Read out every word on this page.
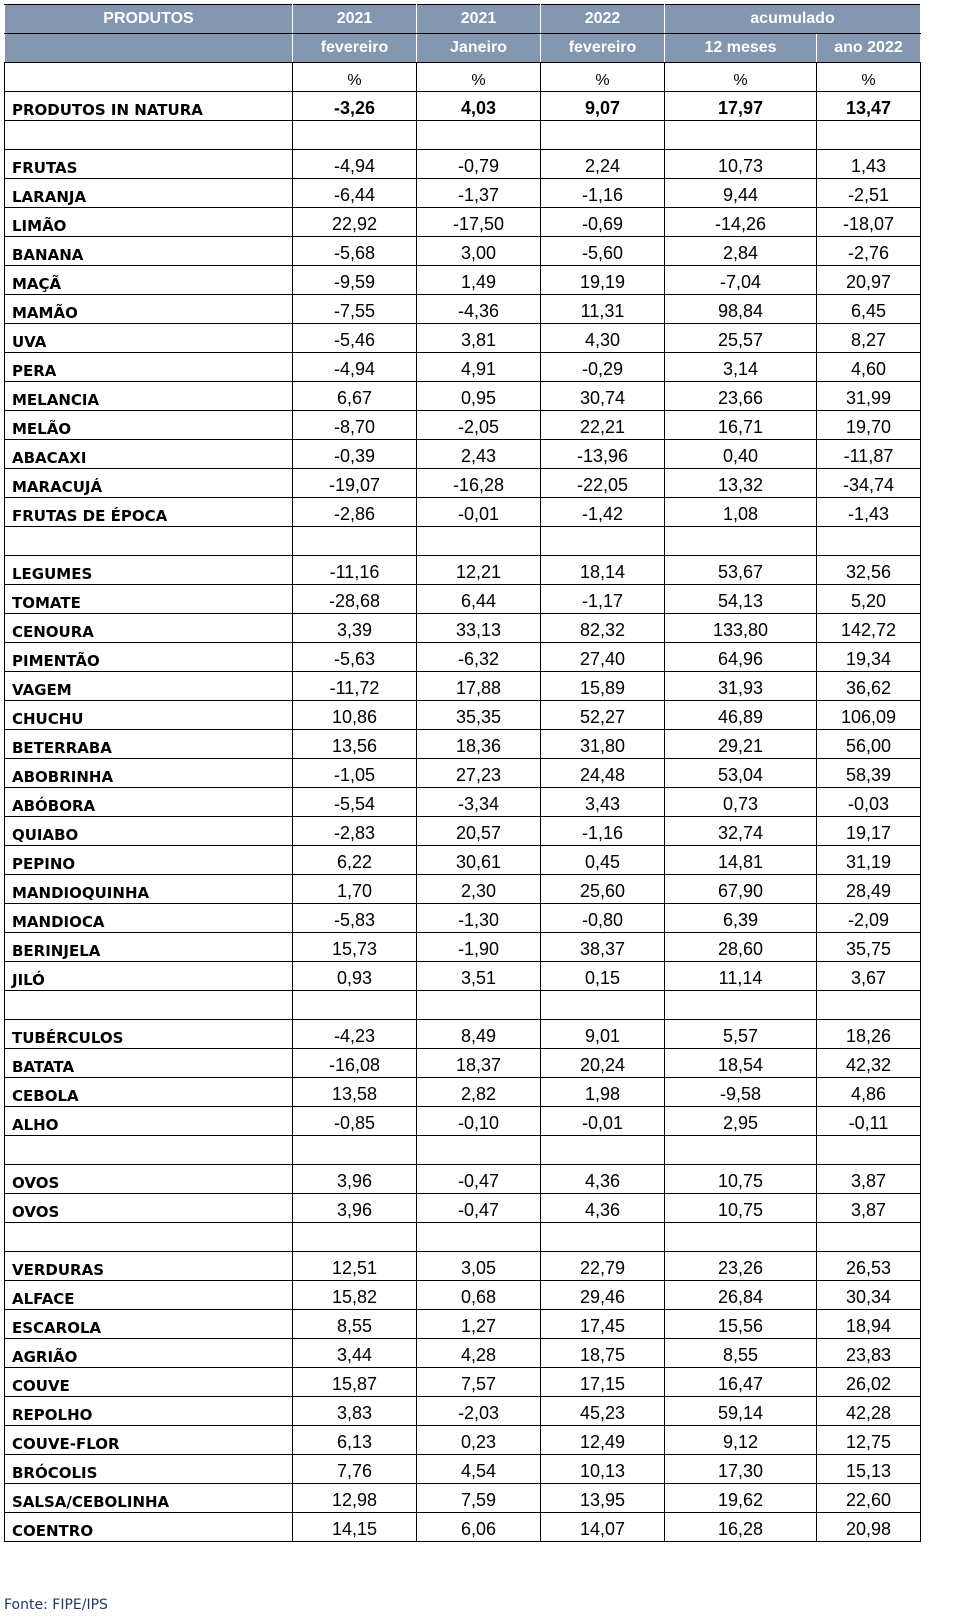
PRODUTOS	2021	2021	2022	acumulado	
	fevereiro	Janeiro	fevereiro	12 meses	ano 2022
	%	%	%	%	%
PRODUTOS IN NATURA	-3,26	4,03	9,07	17,97	13,47

FRUTAS	-4,94	-0,79	2,24	10,73	1,43
LARANJA	-6,44	-1,37	-1,16	9,44	-2,51
LIMÃO	22,92	-17,50	-0,69	-14,26	-18,07
BANANA	-5,68	3,00	-5,60	2,84	-2,76
MAÇÃ	-9,59	1,49	19,19	-7,04	20,97
MAMÃO	-7,55	-4,36	11,31	98,84	6,45
UVA	-5,46	3,81	4,30	25,57	8,27
PERA	-4,94	4,91	-0,29	3,14	4,60
MELANCIA	6,67	0,95	30,74	23,66	31,99
MELÃO	-8,70	-2,05	22,21	16,71	19,70
ABACAXI	-0,39	2,43	-13,96	0,40	-11,87
MARACUJÁ	-19,07	-16,28	-22,05	13,32	-34,74
FRUTAS DE ÉPOCA	-2,86	-0,01	-1,42	1,08	-1,43

LEGUMES	-11,16	12,21	18,14	53,67	32,56
TOMATE	-28,68	6,44	-1,17	54,13	5,20
CENOURA	3,39	33,13	82,32	133,80	142,72
PIMENTÃO	-5,63	-6,32	27,40	64,96	19,34
VAGEM	-11,72	17,88	15,89	31,93	36,62
CHUCHU	10,86	35,35	52,27	46,89	106,09
BETERRABA	13,56	18,36	31,80	29,21	56,00
ABOBRINHA	-1,05	27,23	24,48	53,04	58,39
ABÓBORA	-5,54	-3,34	3,43	0,73	-0,03
QUIABO	-2,83	20,57	-1,16	32,74	19,17
PEPINO	6,22	30,61	0,45	14,81	31,19
MANDIOQUINHA	1,70	2,30	25,60	67,90	28,49
MANDIOCA	-5,83	-1,30	-0,80	6,39	-2,09
BERINJELA	15,73	-1,90	38,37	28,60	35,75
JILÓ	0,93	3,51	0,15	11,14	3,67

TUBÉRCULOS	-4,23	8,49	9,01	5,57	18,26
BATATA	-16,08	18,37	20,24	18,54	42,32
CEBOLA	13,58	2,82	1,98	-9,58	4,86
ALHO	-0,85	-0,10	-0,01	2,95	-0,11

OVOS	3,96	-0,47	4,36	10,75	3,87
OVOS	3,96	-0,47	4,36	10,75	3,87

VERDURAS	12,51	3,05	22,79	23,26	26,53
ALFACE	15,82	0,68	29,46	26,84	30,34
ESCAROLA	8,55	1,27	17,45	15,56	18,94
AGRIÃO	3,44	4,28	18,75	8,55	23,83
COUVE	15,87	7,57	17,15	16,47	26,02
REPOLHO	3,83	-2,03	45,23	59,14	42,28
COUVE-FLOR	6,13	0,23	12,49	9,12	12,75
BRÓCOLIS	7,76	4,54	10,13	17,30	15,13
SALSA/CEBOLINHA	12,98	7,59	13,95	19,62	22,60
COENTRO	14,15	6,06	14,07	16,28	20,98
Fonte: FIPE/IPS
